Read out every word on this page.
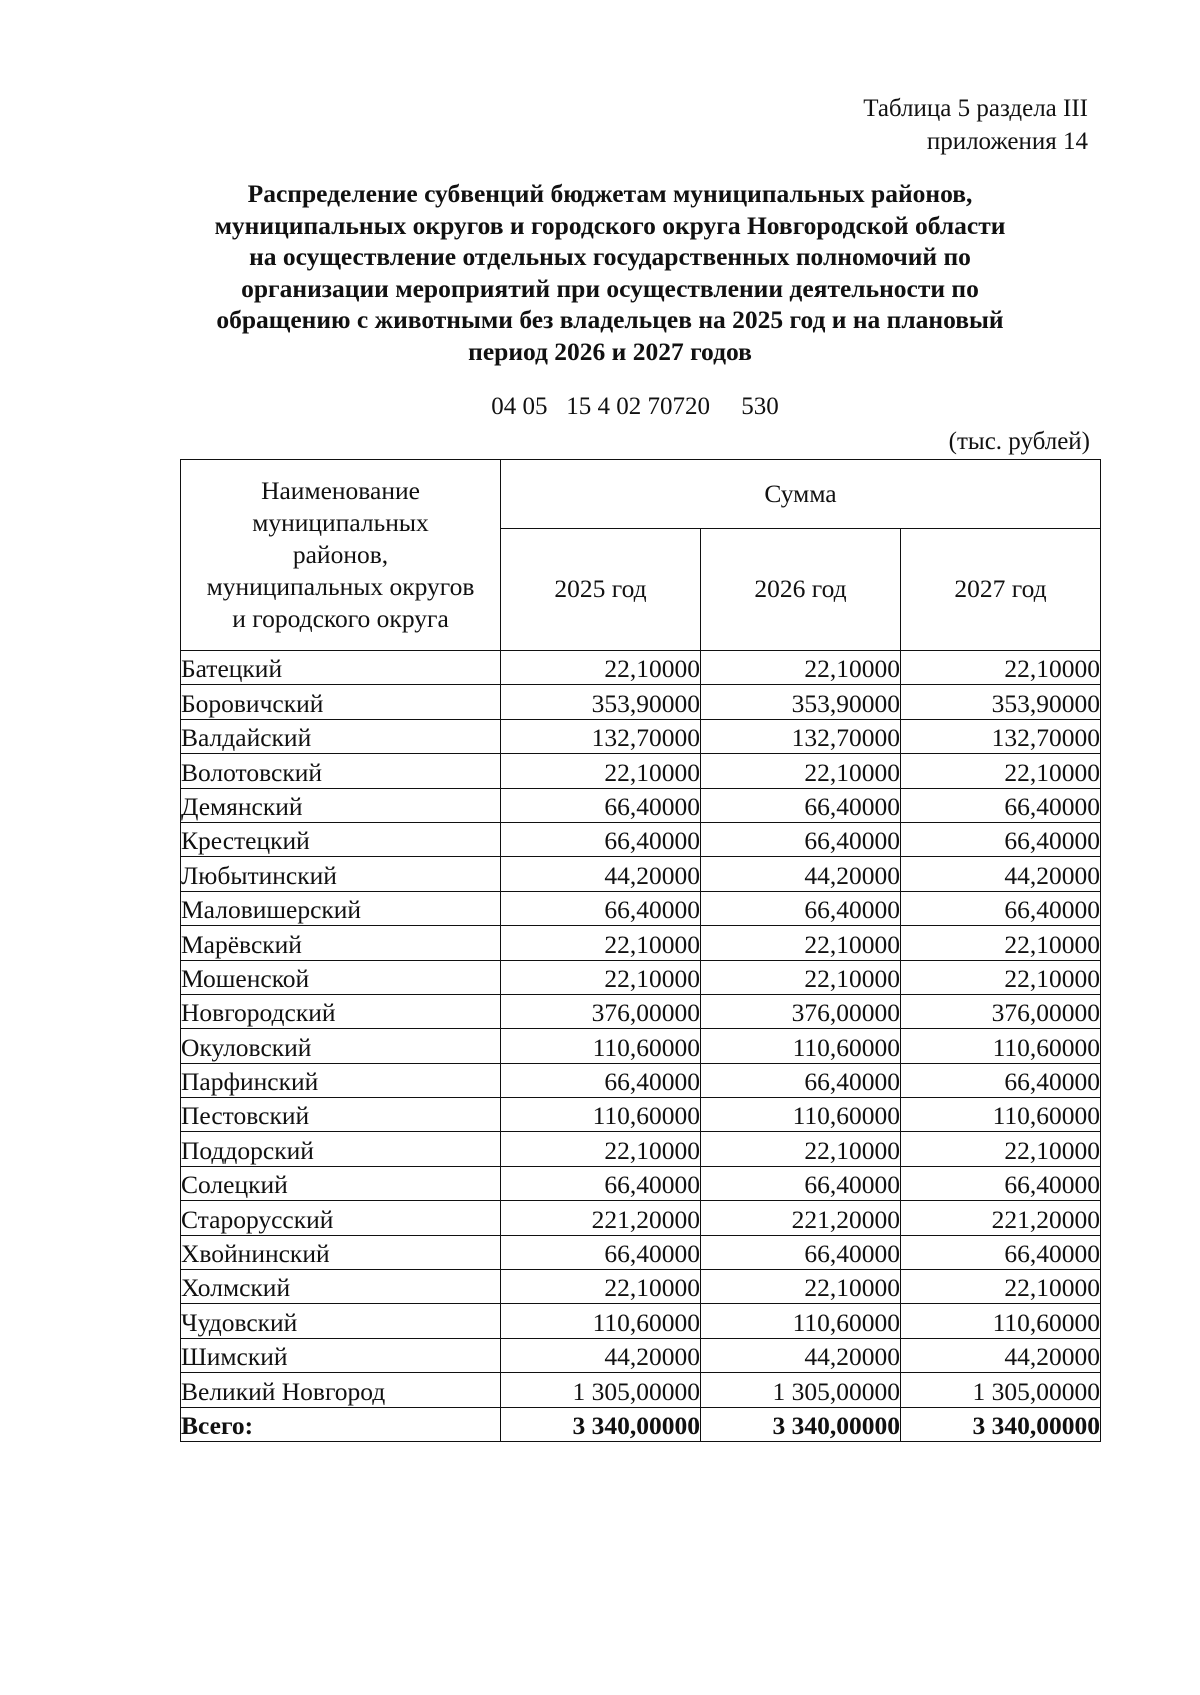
Таблица 5 раздела III
приложения 14
Распределение субвенций бюджетам муниципальных районов,
муниципальных округов и городского округа Новгородской области
на осуществление отдельных государственных полномочий по
организации мероприятий при осуществлении деятельности по
обращению с животными без владельцев на 2025 год и на плановый
период 2026 и 2027 годов
04 05   15 4 02 70720     530
(тыс. рублей)
Наименование
муниципальных
районов,
муниципальных округов
и городского округа	Сумма		
	2025 год	2026 год	2027 год
Батецкий	22,10000	22,10000	22,10000
Боровичский	353,90000	353,90000	353,90000
Валдайский	132,70000	132,70000	132,70000
Волотовский	22,10000	22,10000	22,10000
Демянский	66,40000	66,40000	66,40000
Крестецкий	66,40000	66,40000	66,40000
Любытинский	44,20000	44,20000	44,20000
Маловишерский	66,40000	66,40000	66,40000
Марёвский	22,10000	22,10000	22,10000
Мошенской	22,10000	22,10000	22,10000
Новгородский	376,00000	376,00000	376,00000
Окуловский	110,60000	110,60000	110,60000
Парфинский	66,40000	66,40000	66,40000
Пестовский	110,60000	110,60000	110,60000
Поддорский	22,10000	22,10000	22,10000
Солецкий	66,40000	66,40000	66,40000
Старорусский	221,20000	221,20000	221,20000
Хвойнинский	66,40000	66,40000	66,40000
Холмский	22,10000	22,10000	22,10000
Чудовский	110,60000	110,60000	110,60000
Шимский	44,20000	44,20000	44,20000
Великий Новгород	1 305,00000	1 305,00000	1 305,00000
Всего:	3 340,00000	3 340,00000	3 340,00000
